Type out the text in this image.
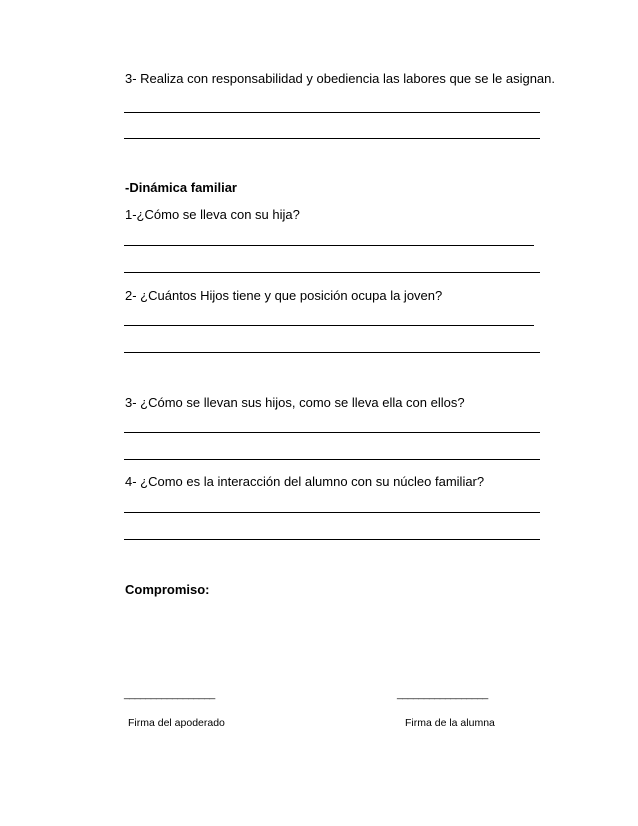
3- Realiza con responsabilidad y obediencia las labores que se le asignan.
-Dinámica familiar
1-¿Cómo se lleva con su hija?
2- ¿Cuántos Hijos tiene y que posición ocupa la joven?
3- ¿Cómo se llevan sus hijos, como se lleva ella con ellos?
4- ¿Como es la interacción del alumno con su núcleo familiar?
Compromiso:
_________________	_________________
Firma del apoderado	Firma de la alumna
